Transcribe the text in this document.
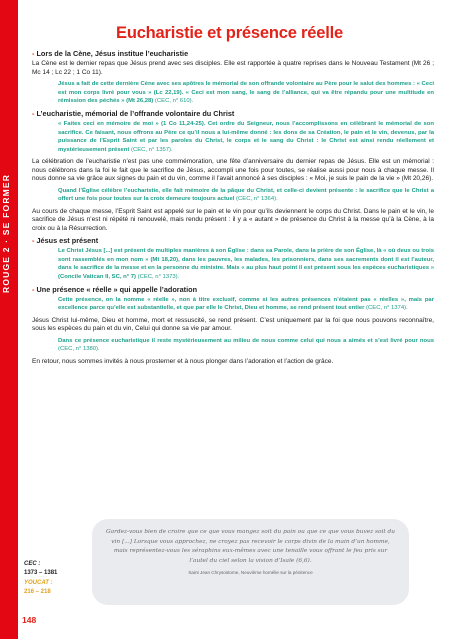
ROUGE 2 · SE FORMER
Eucharistie et présence réelle
- Lors de la Cène, Jésus institue l’eucharistie

La Cène est le dernier repas que Jésus prend avec ses disciples. Elle est rapportée à quatre reprises dans le Nouveau Testament (Mt 26 ; Mc 14 ; Lc 22 ; 1 Co 11).

Jésus a fait de cette dernière Cène avec ses apôtres le mémorial de son offrande volontaire au Père pour le salut des hommes : « Ceci est mon corps livré pour vous » (Lc 22,19). « Ceci est mon sang, le sang de l’alliance, qui va être répandu pour une multitude en rémission des péchés » (Mt 26,28) (CEC, n° 610).

- L’eucharistie, mémorial de l’offrande volontaire du Christ

« Faites ceci en mémoire de moi » (1 Co 11,24-25). Cet ordre du Seigneur, nous l’accomplissons en célébrant le mémorial de son sacrifice. Ce faisant, nous offrons au Père ce qu’il nous a lui-même donné : les dons de sa Création, le pain et le vin, devenus, par la puissance de l’Esprit Saint et par les paroles du Christ, le corps et le sang du Christ : le Christ est ainsi rendu réellement et mystérieusement présent (CEC, n° 1357).

La célébration de l’eucharistie n’est pas une commémoration, une fête d’anniversaire du dernier repas de Jésus. Elle est un mémorial : nous célébrons dans la foi le fait que le sacrifice de Jésus, accompli une fois pour toutes, se réalise aussi pour nous à chaque messe. Il nous donne sa vie grâce aux signes du pain et du vin, comme il l’avait annoncé à ses disciples : « Moi, je suis le pain de la vie » (Mt 20,26).

Quand l’Église célèbre l’eucharistie, elle fait mémoire de la pâque du Christ, et celle-ci devient présente : le sacrifice que le Christ a offert une fois pour toutes sur la croix demeure toujours actuel (CEC, n° 1364).

Au cours de chaque messe, l’Esprit Saint est appelé sur le pain et le vin pour qu’ils deviennent le corps du Christ. Dans le pain et le vin, le sacrifice de Jésus n’est ni répété ni renouvelé, mais rendu présent : il y a « autant » de présence du Christ à la messe qu’à la Cène, à la croix ou à la Résurrection.

- Jésus est présent

Le Christ Jésus [...] est présent de multiples manières à son Église : dans sa Parole, dans la prière de son Église, là « où deux ou trois sont rassemblés en mon nom » (Mt 18,20), dans les pauvres, les malades, les prisonniers, dans ses sacrements dont il est l’auteur, dans le sacrifice de la messe et en la personne du ministre. Mais « au plus haut point il est présent sous les espèces eucharistiques » (Concile Vatican II, SC, n° 7) (CEC, n° 1373).

- Une présence « réelle » qui appelle l’adoration

Cette présence, on la nomme « réelle », non à titre exclusif, comme si les autres présences n’étaient pas « réelles », mais par excellence parce qu’elle est substantielle, et que par elle le Christ, Dieu et homme, se rend présent tout entier (CEC, n° 1374).

Jésus Christ lui-même, Dieu et homme, mort et ressuscité, se rend présent. C’est uniquement par la foi que nous pouvons reconnaître, sous les espèces du pain et du vin, Celui qui donne sa vie par amour.

Dans ce présence eucharistique il reste mystérieusement au milieu de nous comme celui qui nous a aimés et s’est livré pour nous (CEC, n° 1380).

En retour, nous sommes invités à nous prosterner et à nous plonger dans l’adoration et l’action de grâce.

CEC :
1373 – 1381
YOUCAT :
216 – 218
Gardez-vous bien de croire que ce que vous mangez soit du pain ou que ce que vous buvez soit du vin [...] Lorsque vous approchez, ne croyez pas recevoir le corps divin de la main d’un homme, mais représentez-vous les séraphins eux-mêmes avec une tenaille vous offrant le feu pris sur l’autel du ciel selon la vision d’Isaïe (6,6).
Saint Jean Chrysostome, Neuvième homélie sur la pénitence
148
